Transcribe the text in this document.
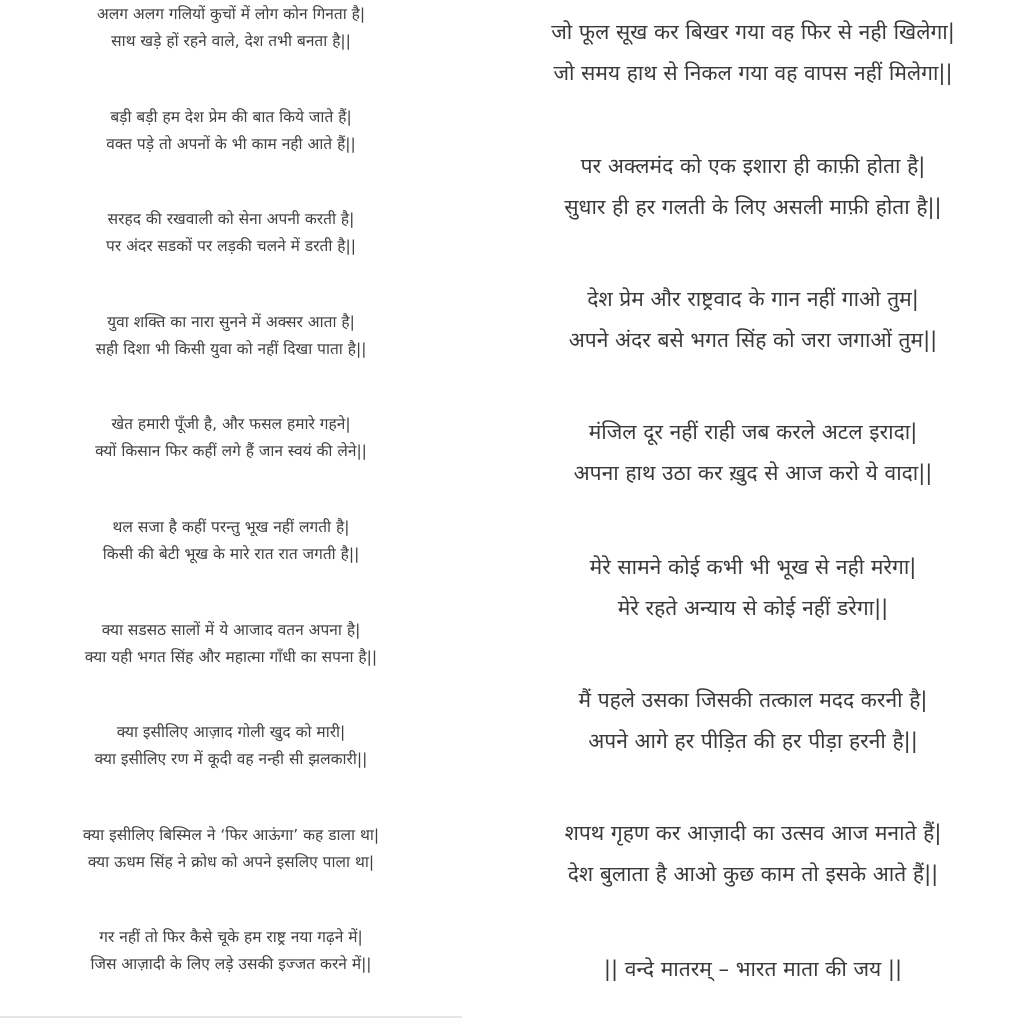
अलग अलग गलियों कुचों में लोग कोन गिनता है|
साथ खड़े हों रहने वाले, देश तभी बनता है||
बड़ी बड़ी हम देश प्रेम की बात किये जाते हैं|
वक्त पड़े तो अपनों के भी काम नही आते हैं||
सरहद की रखवाली को सेना अपनी करती है|
पर अंदर सडकों पर लड़की चलने में डरती है||
युवा शक्ति का नारा सुनने में अक्सर आता है|
सही दिशा भी किसी युवा को नहीं दिखा पाता है||
खेत हमारी पूँजी है, और फसल हमारे गहने|
क्यों किसान फिर कहीं लगे हैं जान स्वयं की लेने||
थल सजा है कहीं परन्तु भूख नहीं लगती है|
किसी की बेटी भूख के मारे रात रात जगती है||
क्या सडसठ सालों में ये आजाद वतन अपना है|
क्या यही भगत सिंह और महात्मा गाँधी का सपना है||
क्या इसीलिए आज़ाद गोली खुद को मारी|
क्या इसीलिए रण में कूदी वह नन्ही सी झलकारी||
क्या इसीलिए बिस्मिल ने ‘फिर आऊंगा’ कह डाला था|
क्या ऊधम सिंह ने क्रोध को अपने इसलिए पाला था|
गर नहीं तो फिर कैसे चूके हम राष्ट्र नया गढ़ने में|
जिस आज़ादी के लिए लड़े उसकी इज्जत करने में||
जो फूल सूख कर बिखर गया वह फिर से नही खिलेगा|
जो समय हाथ से निकल गया वह वापस नहीं मिलेगा||
पर अक्लमंद को एक इशारा ही काफ़ी होता है|
सुधार ही हर गलती के लिए असली माफ़ी होता है||
देश प्रेम और राष्ट्रवाद के गान नहीं गाओ तुम|
अपने अंदर बसे भगत सिंह को जरा जगाओं तुम||
मंजिल दूर नहीं राही जब करले अटल इरादा|
अपना हाथ उठा कर ख़ुद से आज करो ये वादा||
मेरे सामने कोई कभी भी भूख से नही मरेगा|
मेरे रहते अन्याय से कोई नहीं डरेगा||
मैं पहले उसका जिसकी तत्काल मदद करनी है|
अपने आगे हर पीड़ित की हर पीड़ा हरनी है||
शपथ गृहण कर आज़ादी का उत्सव आज मनाते हैं|
देश बुलाता है आओ कुछ काम तो इसके आते हैं||
|| वन्दे मातरम् – भारत माता की जय ||
